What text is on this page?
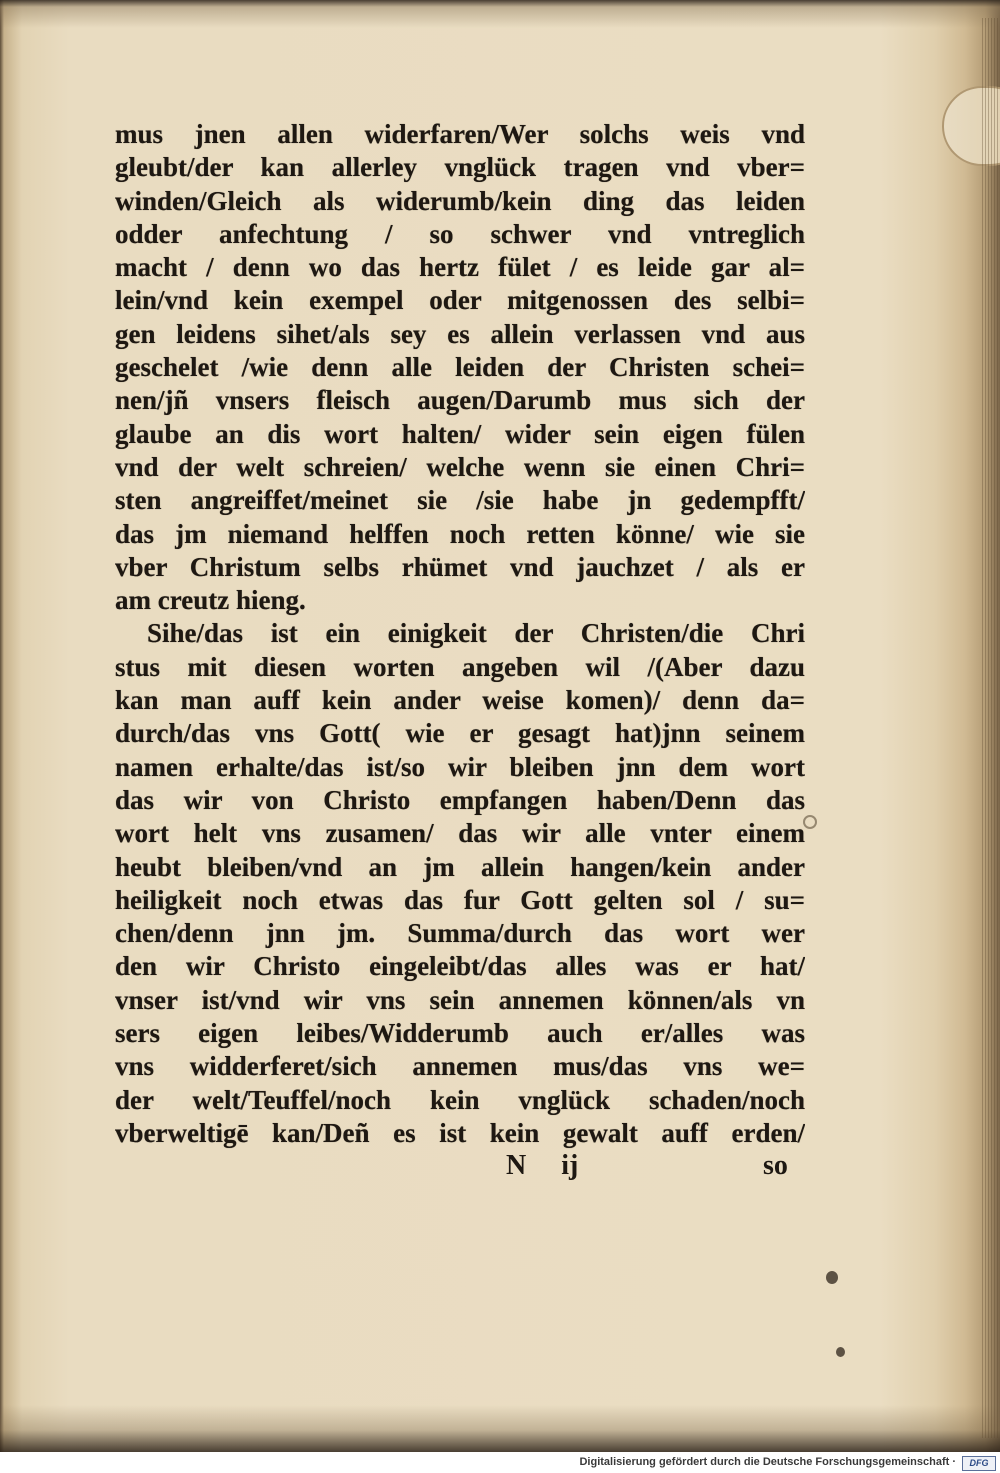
mus jnen allen widerfaren/Wer solchs weis vnd
gleubt/der kan allerley vnglück tragen vnd vber=
winden/Gleich als widerumb/kein ding das leiden
odder anfechtung / so schwer vnd vntreglich
macht / denn wo das hertz fület / es leide gar al=
lein/vnd kein exempel oder mitgenossen des selbi=
gen leidens sihet/als sey es allein verlassen vnd aus
geschelet /wie denn alle leiden der Christen schei=
nen/jñ vnsers fleisch augen/Darumb mus sich der
glaube an dis wort halten/ wider sein eigen fülen
vnd der welt schreien/ welche wenn sie einen Chri=
sten angreiffet/meinet sie /sie habe jn gedempfft/
das jm niemand helffen noch retten könne/ wie sie
vber Christum selbs rhümet vnd jauchzet / als er
am creutz hieng.
Sihe/das ist ein einigkeit der Christen/die Chri
stus mit diesen worten angeben wil /(Aber dazu
kan man auff kein ander weise komen)/ denn da=
durch/das vns Gott( wie er gesagt hat)jnn seinem
namen erhalte/das ist/so wir bleiben jnn dem wort
das wir von Christo empfangen haben/Denn das
wort helt vns zusamen/ das wir alle vnter einem
heubt bleiben/vnd an jm allein hangen/kein ander
heiligkeit noch etwas das fur Gott gelten sol / su=
chen/denn jnn jm. Summa/durch das wort wer
den wir Christo eingeleibt/das alles was er hat/
vnser ist/vnd wir vns sein annemen können/als vn
sers eigen leibes/Widderumb auch er/alles was
vns widderferet/sich annemen mus/das vns we=
der welt/Teuffel/noch kein vnglück schaden/noch
vberweltigē kan/Deñ es ist kein gewalt auff erden/
N ij	so
Digitalisierung gefördert durch die Deutsche Forschungsgemeinschaft ·	DFG
